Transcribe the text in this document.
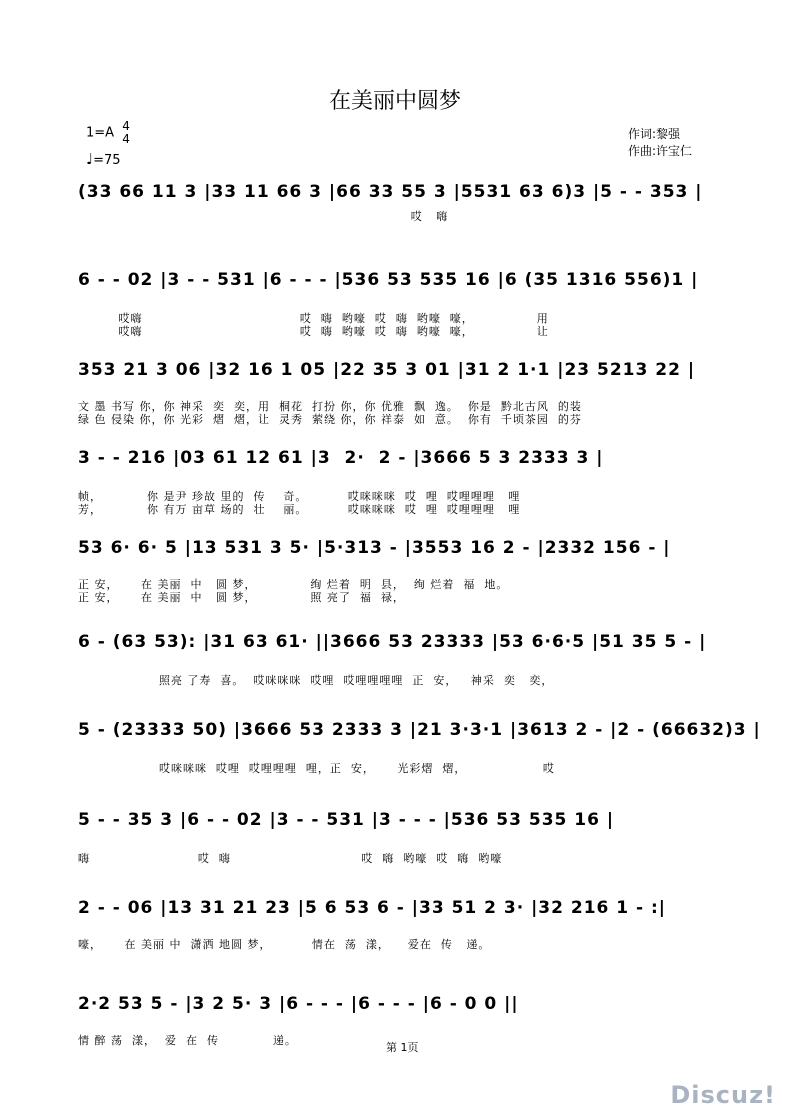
在美丽中圆梦
1=A 4
4
♩=75
作词:黎强
作曲:许宝仁
(33 66 11 3 |33 11 66 3 |66 33 55 3 |5531 63 6)3 |5 - - 353 |
哎   嗨
6 - - 02 |3 - - 531 |6 - - - |536 53 535 16 |6 (35 1316 556)1 |
哎嗨                                   哎  嗨  哟嚎  哎  嗨  哟嚎  嚎，              用
哎嗨                                   哎  嗨  哟嚎  哎  嗨  哟嚎  嚎，              让
353 21 3 06 |32 16 1 05 |22 35 3 01 |31 2 1·1 |23 5213 22 |
文 墨 书写 你，你 神采  奕  奕，用  桐花  打扮 你，你 优雅  飘  逸。  你是  黔北古风  的装
绿 色 侵染 你，你 光彩  熠  熠，让  灵秀  萦绕 你，你 祥泰  如  意。  你有  千顷茶园  的芬
3 - - 216 |03 61 12 61 |3  2·  2 - |3666 5 3 2333 3 |
帧，          你 是尹 珍故 里的  传    奇。         哎咪咪咪  哎  哩  哎哩哩哩   哩
芳，          你 有万 亩草 场的  壮    丽。         哎咪咪咪  哎  哩  哎哩哩哩   哩
53 6· 6· 5 |13 531 3 5· |5·313 - |3553 16 2 - |2332 156 - |
正 安，     在 美丽  中   圆 梦，            绚 烂着  明  县，  绚 烂着  福  地。
正 安，     在 美丽  中   圆 梦，            照 亮了  福  禄，
6 - (63 53): |31 63 61· ||3666 53 23333 |53 6·6·5 |51 35 5 - |
照亮 了寿  喜。  哎咪咪咪  哎哩  哎哩哩哩哩  正  安，   神采  奕   奕，
5 - (23333 50) |3666 53 2333 3 |21 3·3·1 |3613 2 - |2 - (66632)3 |
哎咪咪咪  哎哩  哎哩哩哩  哩，正  安，     光彩熠  熠，                 哎
5 - - 35 3 |6 - - 02 |3 - - 531 |3 - - - |536 53 535 16 |
嗨                        哎  嗨                             哎  嗨  哟嚎  哎  嗨  哟嚎
2 - - 06 |13 31 21 23 |5 6 53 6 - |33 51 2 3· |32 216 1 - :|
嚎，     在 美丽 中  潇洒 地圆 梦，         情在  荡  漾，    爱在  传   递。
2·2 53 5 - |3 2 5· 3 |6 - - - |6 - - - |6 - 0 0 ||
情 醉 荡  漾，  爱  在  传            递。
第 1页
Discuz!
